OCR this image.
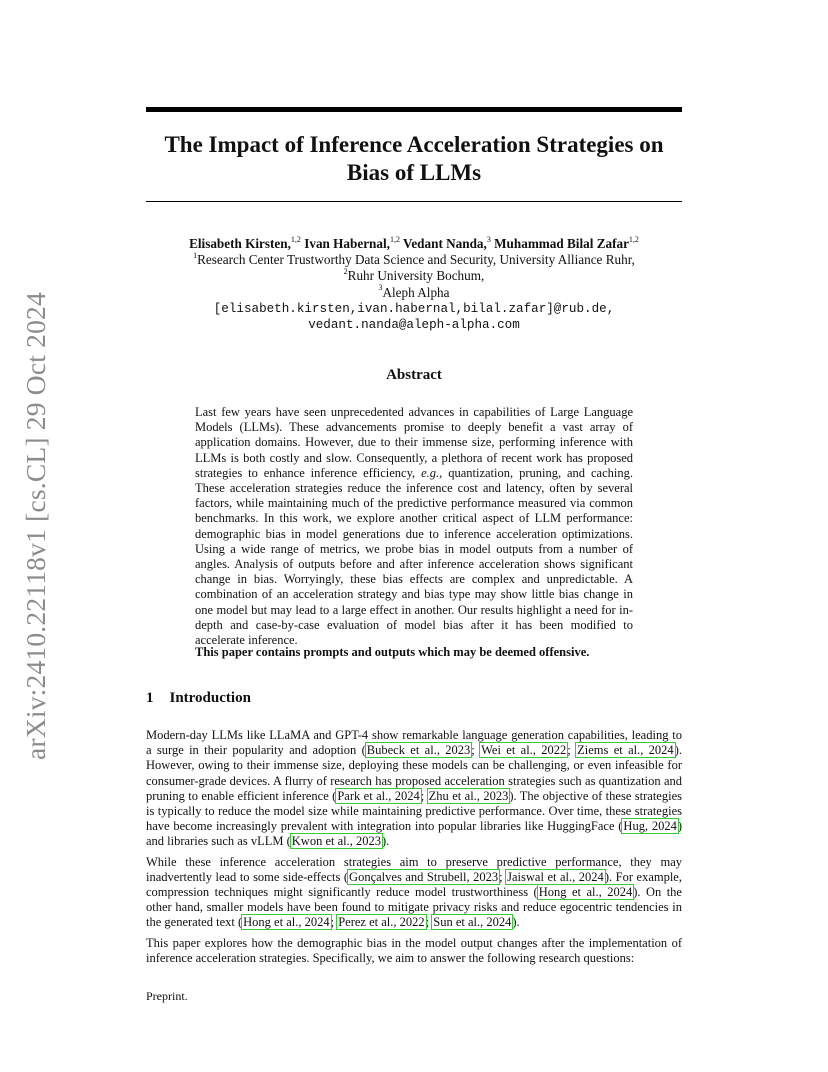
arXiv:2410.22118v1 [cs.CL] 29 Oct 2024
The Impact of Inference Acceleration Strategies on
Bias of LLMs
Elisabeth Kirsten,$^{1,2}$ Ivan Habernal,$^{1,2}$ Vedant Nanda,$^3$ Muhammad Bilal Zafar$^{1,2}$
$^1$Research Center Trustworthy Data Science and Security, University Alliance Ruhr,
$^2$Ruhr University Bochum,
$^3$Aleph Alpha
[elisabeth.kirsten,ivan.habernal,bilal.zafar]@rub.de,
vedant.nanda@aleph-alpha.com
Abstract

Last few years have seen unprecedented advances in capabilities of Large Language Models (LLMs). These advancements promise to deeply benefit a vast array of application domains. However, due to their immense size, performing inference with LLMs is both costly and slow. Consequently, a plethora of recent work has proposed strategies to enhance inference efficiency, e.g., quantization, pruning, and caching. These acceleration strategies reduce the inference cost and latency, often by several factors, while maintaining much of the predictive performance measured via common benchmarks. In this work, we explore another critical aspect of LLM performance: demographic bias in model generations due to inference acceleration optimizations. Using a wide range of metrics, we probe bias in model outputs from a number of angles. Analysis of outputs before and after inference acceleration shows significant change in bias. Worryingly, these bias effects are complex and unpredictable. A combination of an acceleration strategy and bias type may show little bias change in one model but may lead to a large effect in another. Our results highlight a need for in-depth and case-by-case evaluation of model bias after it has been modified to accelerate inference.

This paper contains prompts and outputs which may be deemed offensive.

1 Introduction

Modern-day LLMs like LLaMA and GPT-4 show remarkable language generation capabilities, leading to a surge in their popularity and adoption (Bubeck et al., 2023; Wei et al., 2022; Ziems et al., 2024). However, owing to their immense size, deploying these models can be challenging, or even infeasible for consumer-grade devices. A flurry of research has proposed acceleration strategies such as quantization and pruning to enable efficient inference (Park et al., 2024; Zhu et al., 2023). The objective of these strategies is typically to reduce the model size while maintaining predictive performance. Over time, these strategies have become increasingly prevalent with integration into popular libraries like HuggingFace (Hug, 2024) and libraries such as vLLM (Kwon et al., 2023).

While these inference acceleration strategies aim to preserve predictive performance, they may inadvertently lead to some side-effects (Gonçalves and Strubell, 2023; Jaiswal et al., 2024). For example, compression techniques might significantly reduce model trustworthiness (Hong et al., 2024). On the other hand, smaller models have been found to mitigate privacy risks and reduce egocentric tendencies in the generated text (Hong et al., 2024; Perez et al., 2022; Sun et al., 2024).

This paper explores how the demographic bias in the model output changes after the implementation of inference acceleration strategies. Specifically, we aim to answer the following research questions:

Preprint.
